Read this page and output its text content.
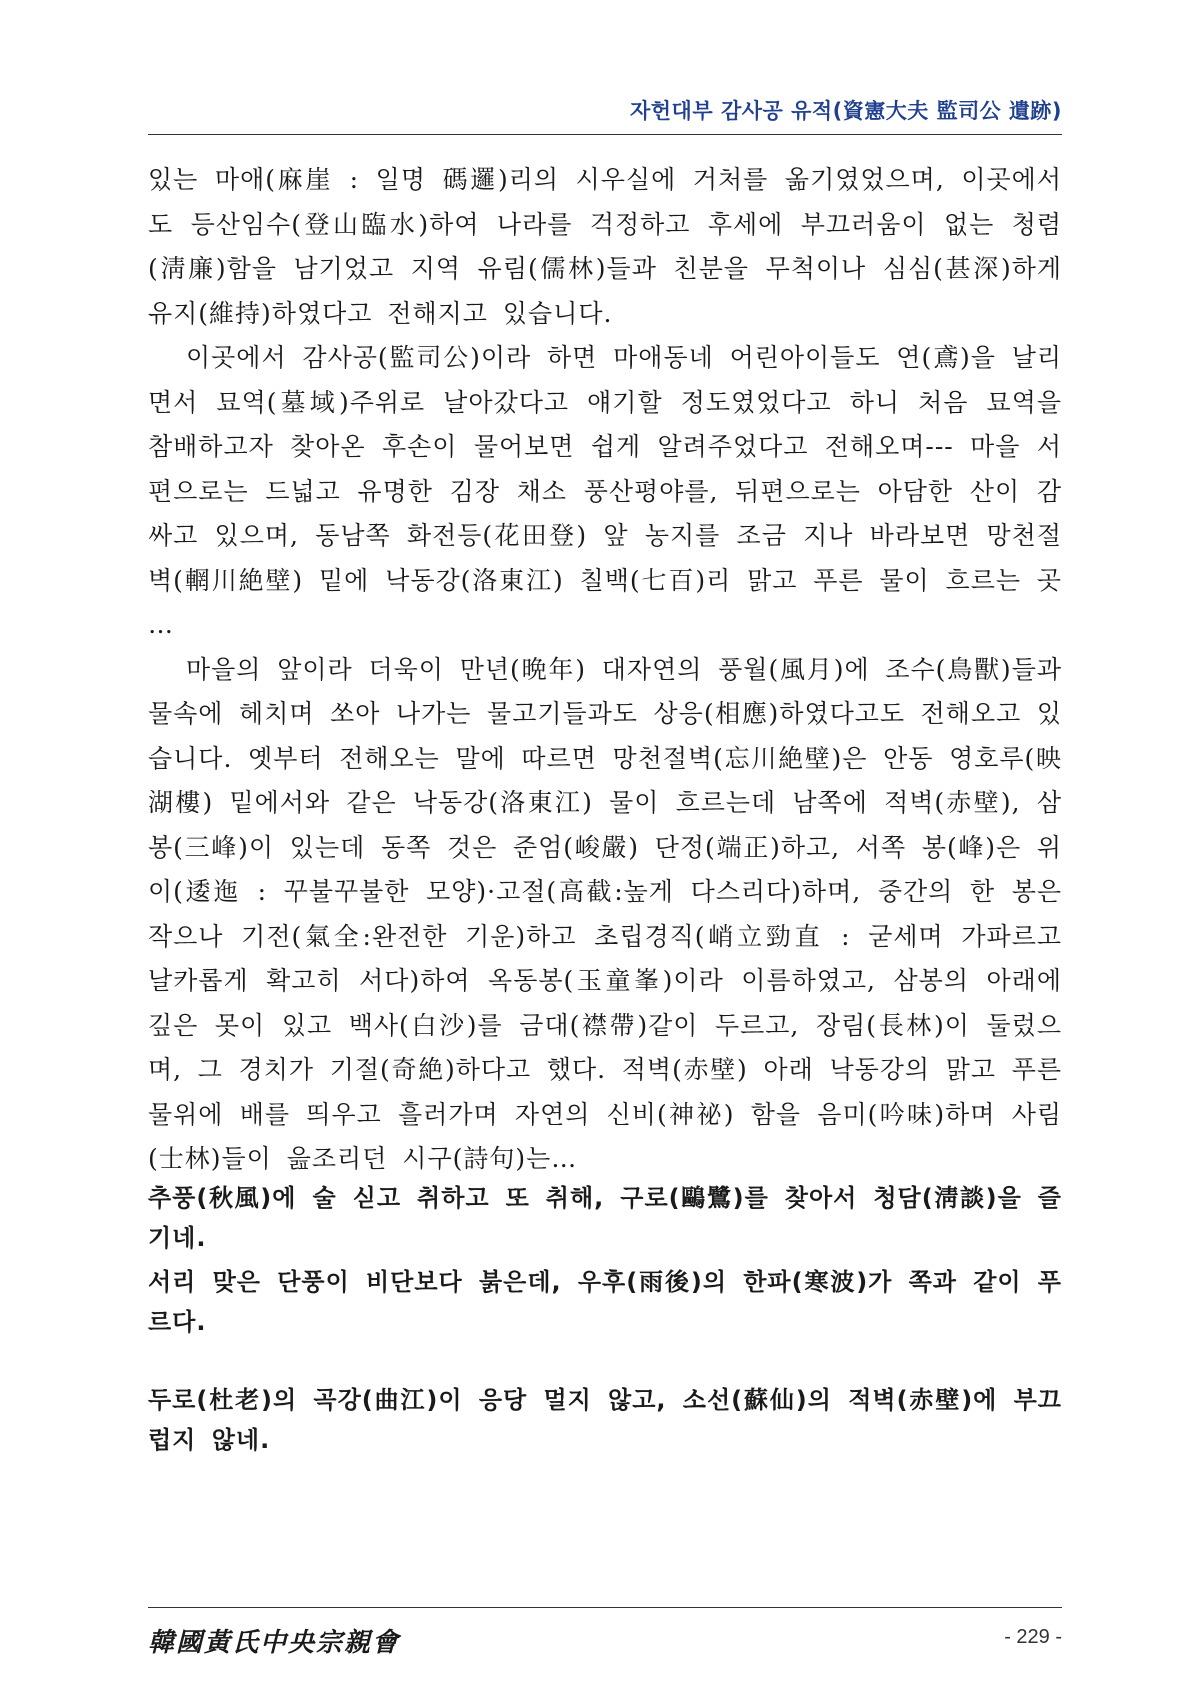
자헌대부 감사공 유적(資憲大夫 監司公 遺跡)

있는 마애(麻崖 : 일명 碼邏)리의 시우실에 거처를 옮기였었으며, 이곳에서도 등산임수(登山臨水)하여 나라를 걱정하고 후세에 부끄러움이 없는 청렴(淸廉)함을 남기었고 지역 유림(儒林)들과 친분을 무척이나 심심(甚深)하게 유지(維持)하였다고 전해지고 있습니다.

이곳에서 감사공(監司公)이라 하면 마애동네 어린아이들도 연(鳶)을 날리면서 묘역(墓域)주위로 날아갔다고 얘기할 정도였었다고 하니 처음 묘역을 참배하고자 찾아온 후손이 물어보면 쉽게 알려주었다고 전해오며--- 마을 서편으로는 드넓고 유명한 김장 채소 풍산평야를, 뒤편으로는 아담한 산이 감싸고 있으며, 동남쪽 화전등(花田登) 앞 농지를 조금 지나 바라보면 망천절벽(輞川絶壁) 밑에 낙동강(洛東江) 칠백(七百)리 맑고 푸른 물이 흐르는 곳 …

마을의 앞이라 더욱이 만년(晩年) 대자연의 풍월(風月)에 조수(鳥獸)들과 물속에 헤치며 쏘아 나가는 물고기들과도 상응(相應)하였다고도 전해오고 있습니다. 옛부터 전해오는 말에 따르면 망천절벽(忘川絶壁)은 안동 영호루(映湖樓) 밑에서와 같은 낙동강(洛東江) 물이 흐르는데 남쪽에 적벽(赤壁), 삼봉(三峰)이 있는데 동쪽 것은 준엄(峻嚴) 단정(端正)하고, 서쪽 봉(峰)은 위이(逶迤 : 꾸불꾸불한 모양)·고절(高截:높게 다스리다)하며, 중간의 한 봉은 작으나 기전(氣全:완전한 기운)하고 초립경직(峭立勁直 : 굳세며 가파르고 날카롭게 확고히 서다)하여 옥동봉(玉童峯)이라 이름하였고, 삼봉의 아래에 깊은 못이 있고 백사(白沙)를 금대(襟帶)같이 두르고, 장림(長林)이 둘렀으며, 그 경치가 기절(奇絶)하다고 했다. 적벽(赤壁) 아래 낙동강의 맑고 푸른 물위에 배를 띄우고 흘러가며 자연의 신비(神祕) 함을 음미(吟味)하며 사림(士林)들이 읊조리던 시구(詩句)는…

추풍(秋風)에 술 싣고 취하고 또 취해, 구로(鷗鷺)를 찾아서 청담(淸談)을 즐기네.

서리 맞은 단풍이 비단보다 붉은데, 우후(雨後)의 한파(寒波)가 쪽과 같이 푸르다.

두로(杜老)의 곡강(曲江)이 응당 멀지 않고, 소선(蘇仙)의 적벽(赤壁)에 부끄럽지 않네.

韓國黃氏中央宗親會	- 229 -
